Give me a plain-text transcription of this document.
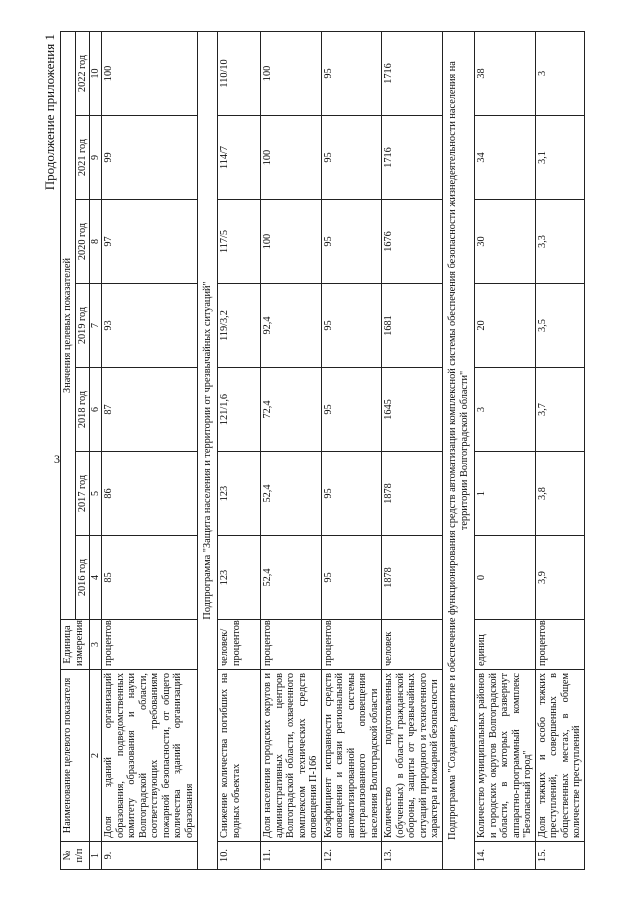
3
Продолжение приложения 1
№
п/п	Наименование целевого показателя	Единица измерения	Значения целевых показателей						
			2016 год	2017 год	2018 год	2019 год	2020 год	2021 год	2022 год
1	2	3	4	5	6	7	8	9	10
9.	Доля зданий организаций образования, подведомственных комитету образования и науки Волгоградской области, соответствующих требованиям пожарной безопасности, от общего количества зданий организаций образования	процентов	85	86	87	93	97	99	100
Подпрограмма "Защита населения и территории от чрезвычайных ситуаций"									
10.	Снижение количества погибших на водных объектах	человек/ процентов	123	123	121/1,6	119/3,2	117/5	114/7	110/10
11.	Доля населения городских округов и административных центров Волгоградской области, охваченного комплексом технических средств оповещения П-166	процентов	52,4	52,4	72,4	92,4	100	100	100
12.	Коэффициент исправности средств оповещения и связи региональной автоматизированной системы централизованного оповещения населения Волгоградской области	процентов	95	95	95	95	95	95	95
13.	Количество подготовленных (обученных) в области гражданской обороны, защиты от чрезвычайных ситуаций природного и техногенного характера и пожарной безопасности	человек	1878	1878	1645	1681	1676	1716	1716
Подпрограмма "Создание, развитие и обеспечение функционирования средств автоматизации комплексной системы обеспечения безопасности жизнедеятельности населения на территории Волгоградской области"									
14.	Количество муниципальных районов и городских округов Волгоградской области, в которых развернут аппаратно-программный комплекс "Безопасный город"	единиц	0	1	3	20	30	34	38
15.	Доля тяжких и особо тяжких преступлений, совершенных в общественных местах, в общем количестве преступлений	процентов	3,9	3,8	3,7	3,5	3,3	3,1	3
